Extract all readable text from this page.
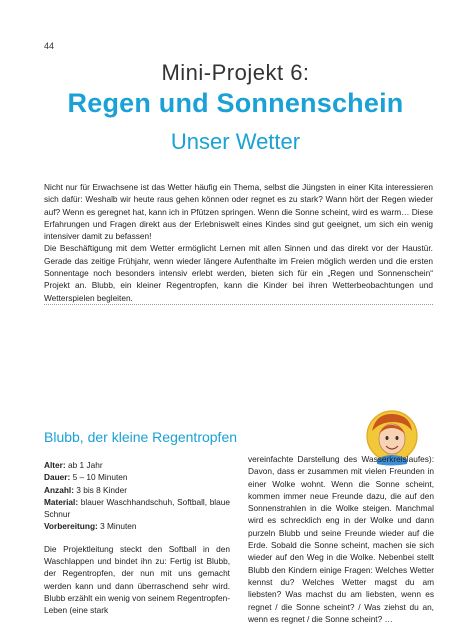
44
Mini-Projekt 6:
Regen und Sonnenschein
Unser Wetter

Nicht nur für Erwachsene ist das Wetter häufig ein Thema, selbst die Jüngsten in einer Kita interessieren sich dafür: Weshalb wir heute raus gehen können oder regnet es zu stark? Wann hört der Regen wieder auf? Wenn es geregnet hat, kann ich in Pfützen springen. Wenn die Sonne scheint, wird es warm… Diese Erfahrungen und Fragen direkt aus der Erlebniswelt eines Kindes sind gut geeignet, um sich ein wenig intensiver damit zu befassen!

Die Beschäftigung mit dem Wetter ermöglicht Lernen mit allen Sinnen und das direkt vor der Haustür. Gerade das zeitige Frühjahr, wenn wieder längere Aufenthalte im Freien möglich werden und die ersten Sonnentage noch besonders intensiv erlebt werden, bieten sich für ein „Regen und Sonnenschein“ Projekt an. Blubb, ein kleiner Regentropfen, kann die Kinder bei ihren Wetterbeobachtungen und Wetterspielen begleiten.

Blubb, der kleine Regentropfen

Alter: ab 1 Jahr

Dauer: 5 – 10 Minuten

Anzahl: 3 bis 8 Kinder

Material: blauer Waschhandschuh, Softball, blaue Schnur

Vorbereitung: 3 Minuten

Die Projektleitung steckt den Softball in den Waschlappen und bindet ihn zu: Fertig ist Blubb, der Regentropfen, der nun mit uns gemacht werden kann und dann überraschend sehr wird. Blubb erzählt ein wenig von seinem Regentropfen-Leben (eine stark

vereinfachte Darstellung des Wasserkreislaufes): Davon, dass er zusammen mit vielen Freunden in einer Wolke wohnt. Wenn die Sonne scheint, kommen immer neue Freunde dazu, die auf den Sonnenstrahlen in die Wolke steigen. Manchmal wird es schrecklich eng in der Wolke und dann purzeln Blubb und seine Freunde wieder auf die Erde. Sobald die Sonne scheint, machen sie sich wieder auf den Weg in die Wolke. Nebenbei stellt Blubb den Kindern einige Fragen: Welches Wetter kennst du? Welches Wetter magst du am liebsten? Was machst du am liebsten, wenn es regnet / die Sonne scheint? / Was ziehst du an, wenn es regnet / die Sonne scheint? …
